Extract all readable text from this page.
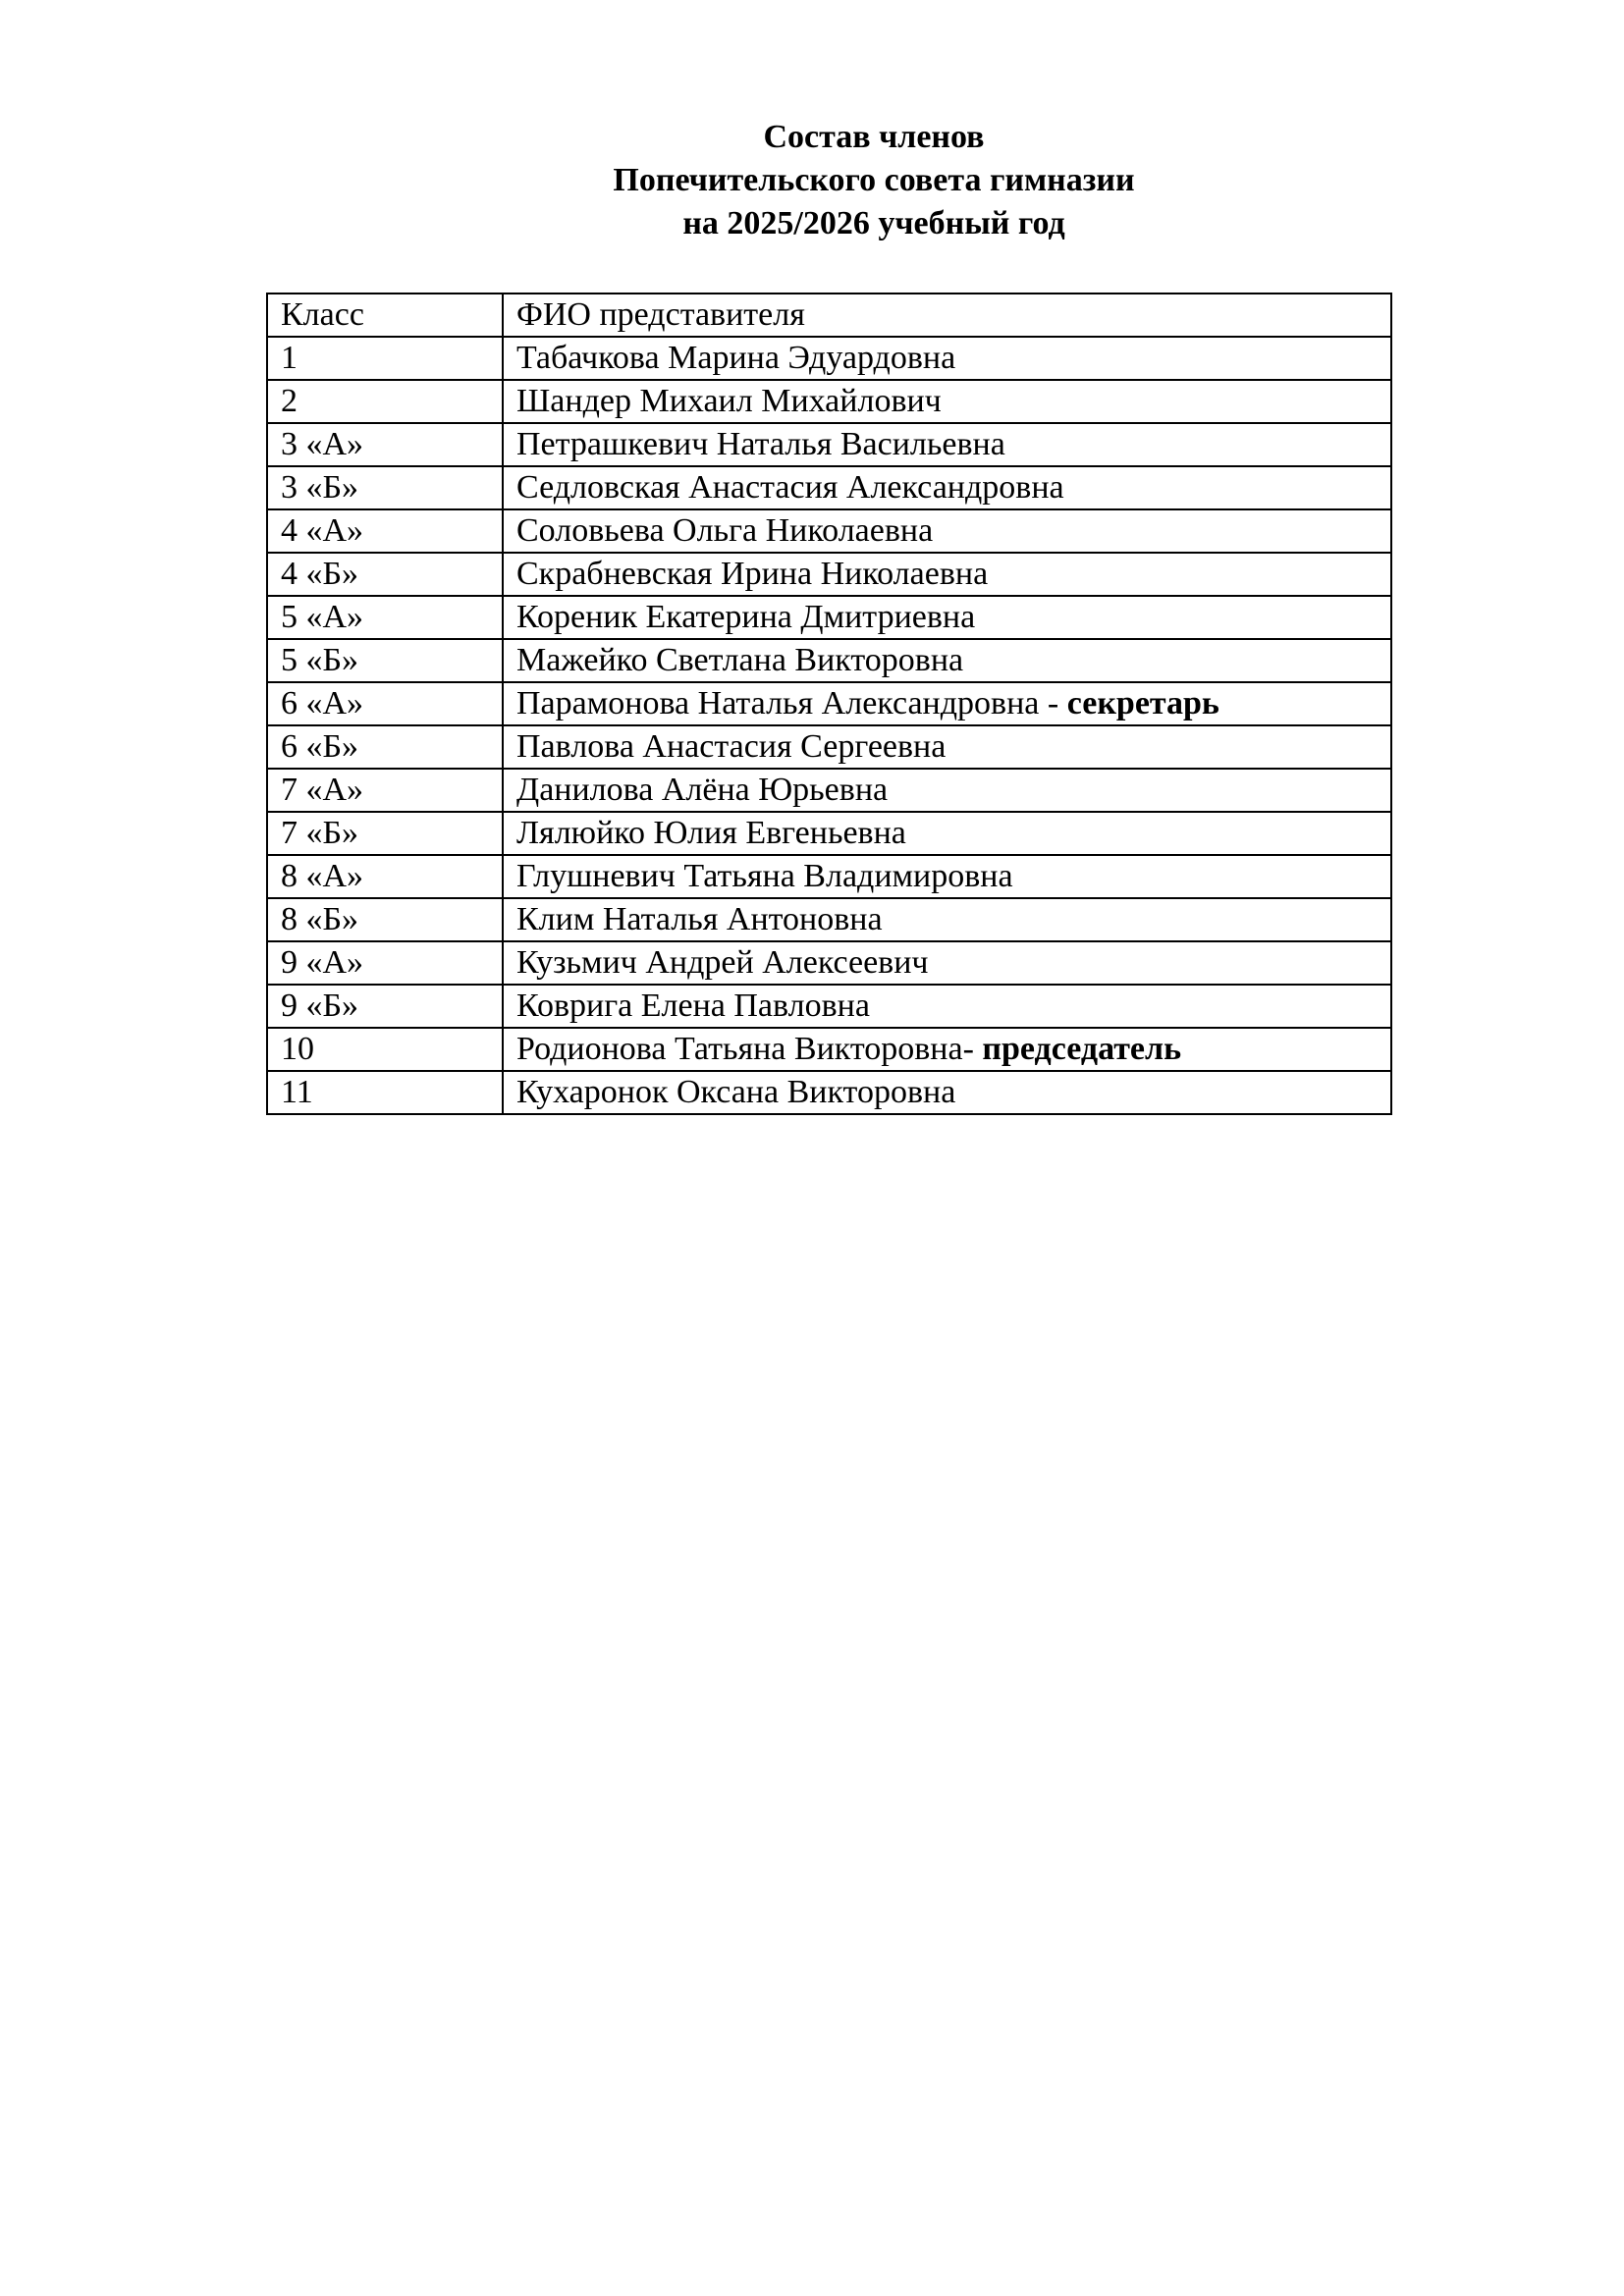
Состав членов
Попечительского совета гимназии
на 2025/2026 учебный год
Класс	ФИО представителя
1	Табачкова Марина Эдуардовна
2	Шандер Михаил Михайлович
3 «А»	Петрашкевич Наталья Васильевна
3 «Б»	Седловская Анастасия Александровна
4 «А»	Соловьева Ольга Николаевна
4 «Б»	Скрабневская Ирина Николаевна
5 «А»	Кореник Екатерина Дмитриевна
5 «Б»	Мажейко Светлана Викторовна
6 «А»	Парамонова Наталья Александровна - секретарь
6 «Б»	Павлова Анастасия Сергеевна
7 «А»	Данилова Алёна Юрьевна
7 «Б»	Лялюйко Юлия Евгеньевна
8 «А»	Глушневич Татьяна Владимировна
8 «Б»	Клим Наталья Антоновна
9 «А»	Кузьмич Андрей Алексеевич
9 «Б»	Коврига Елена Павловна
10	Родионова Татьяна Викторовна- председатель
11	Кухаронок Оксана Викторовна
